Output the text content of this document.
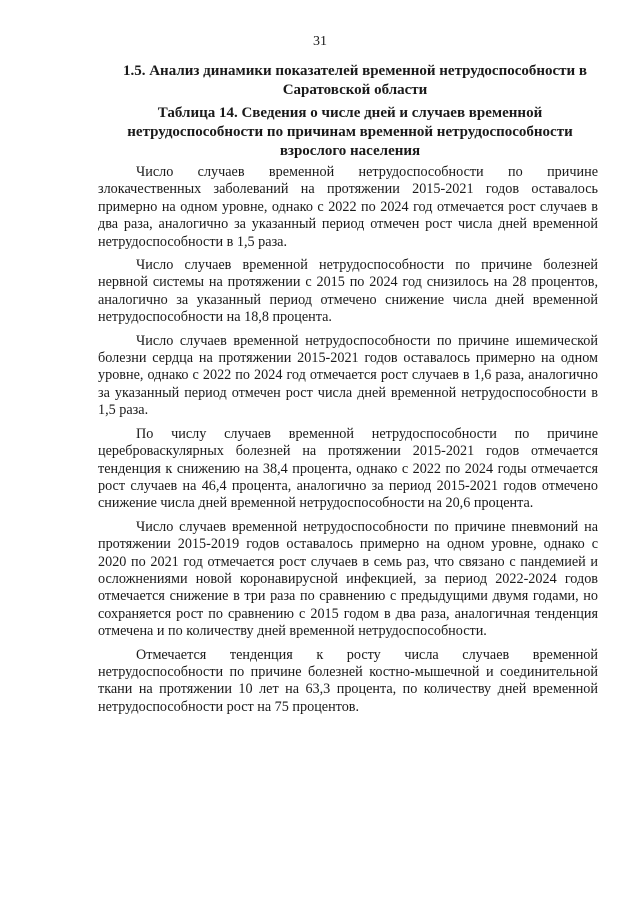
31
1.5. Анализ динамики показателей временной нетрудоспособности в Саратовской области
Таблица 14. Сведения о числе дней и случаев временной нетрудоспособности по причинам временной нетрудоспособности взрослого населения

Число случаев временной нетрудоспособности по причине злокачественных заболеваний на протяжении 2015-2021 годов оставалось примерно на одном уровне, однако с 2022 по 2024 год отмечается рост случаев в два раза, аналогично за указанный период отмечен рост числа дней временной нетрудоспособности в 1,5 раза.

Число случаев временной нетрудоспособности по причине болезней нервной системы на протяжении с 2015 по 2024 год снизилось на 28 процентов, аналогично за указанный период отмечено снижение числа дней временной нетрудоспособности на 18,8 процента.

Число случаев временной нетрудоспособности по причине ишемической болезни сердца на протяжении 2015-2021 годов оставалось примерно на одном уровне, однако с 2022 по 2024 год отмечается рост случаев в 1,6 раза, аналогично за указанный период отмечен рост числа дней временной нетрудоспособности в 1,5 раза.

По числу случаев временной нетрудоспособности по причине цереброваскулярных болезней на протяжении 2015-2021 годов отмечается тенденция к снижению на 38,4 процента, однако с 2022 по 2024 годы отмечается рост случаев на 46,4 процента, аналогично за период 2015-2021 годов отмечено снижение числа дней временной нетрудоспособности на 20,6 процента.

Число случаев временной нетрудоспособности по причине пневмоний на протяжении 2015-2019 годов оставалось примерно на одном уровне, однако с 2020 по 2021 год отмечается рост случаев в семь раз, что связано с пандемией и осложнениями новой коронавирусной инфекцией, за период 2022-2024 годов отмечается снижение в три раза по сравнению с предыдущими двумя годами, но сохраняется рост по сравнению с 2015 годом в два раза, аналогичная тенденция отмечена и по количеству дней временной нетрудоспособности.

Отмечается тенденция к росту числа случаев временной нетрудоспособности по причине болезней костно-мышечной и соединительной ткани на протяжении 10 лет на 63,3 процента, по количеству дней временной нетрудоспособности рост на 75 процентов.
